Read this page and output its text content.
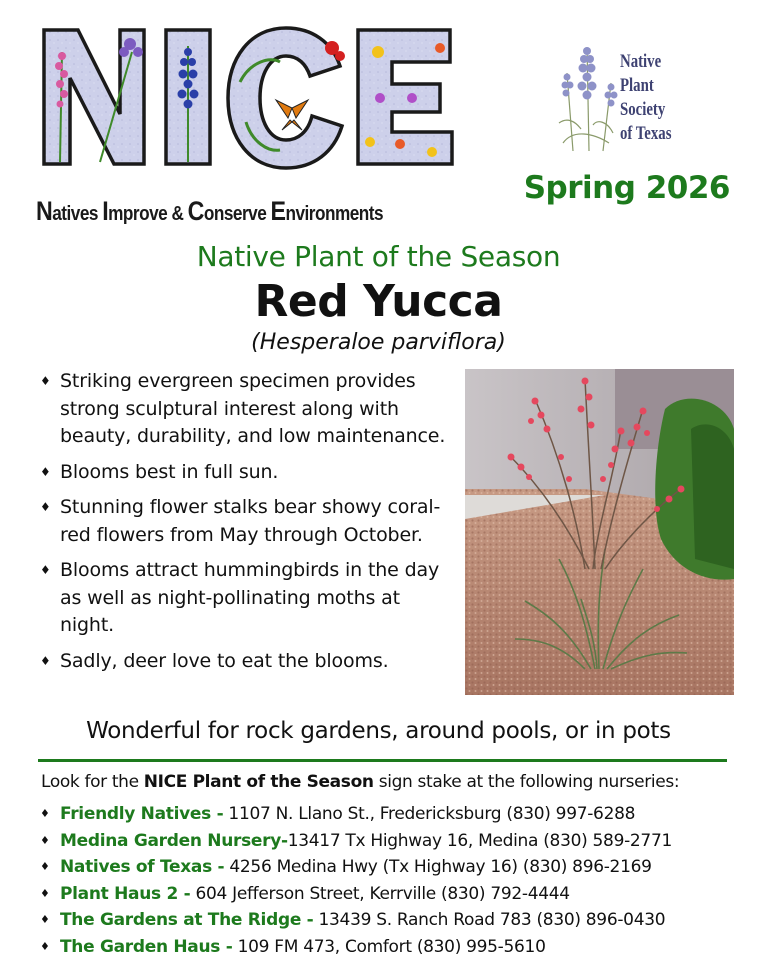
Natives Improve & Conserve Environments
Native
Plant
Society
of Texas
Spring 2026
Native Plant of the Season
Red Yucca
(Hesperaloe parviflora)
♦ Striking evergreen specimen provides strong sculptural interest along with beauty, durability, and low maintenance.
♦ Blooms best in full sun.
♦ Stunning flower stalks bear showy coral-red flowers from May through October.
♦ Blooms attract hummingbirds in the day as well as night-pollinating moths at night.
♦ Sadly, deer love to eat the blooms.
Wonderful for rock gardens, around pools, or in pots
Look for the NICE Plant of the Season sign stake at the following nurseries:
♦ Friendly Natives - 1107 N. Llano St., Fredericksburg (830) 997-6288
♦ Medina Garden Nursery-13417 Tx Highway 16, Medina (830) 589-2771
♦ Natives of Texas - 4256 Medina Hwy (Tx Highway 16) (830) 896-2169
♦ Plant Haus 2 - 604 Jefferson Street, Kerrville (830) 792-4444
♦ The Gardens at The Ridge - 13439 S. Ranch Road 783 (830) 896-0430
♦ The Garden Haus - 109 FM 473, Comfort (830) 995-5610
